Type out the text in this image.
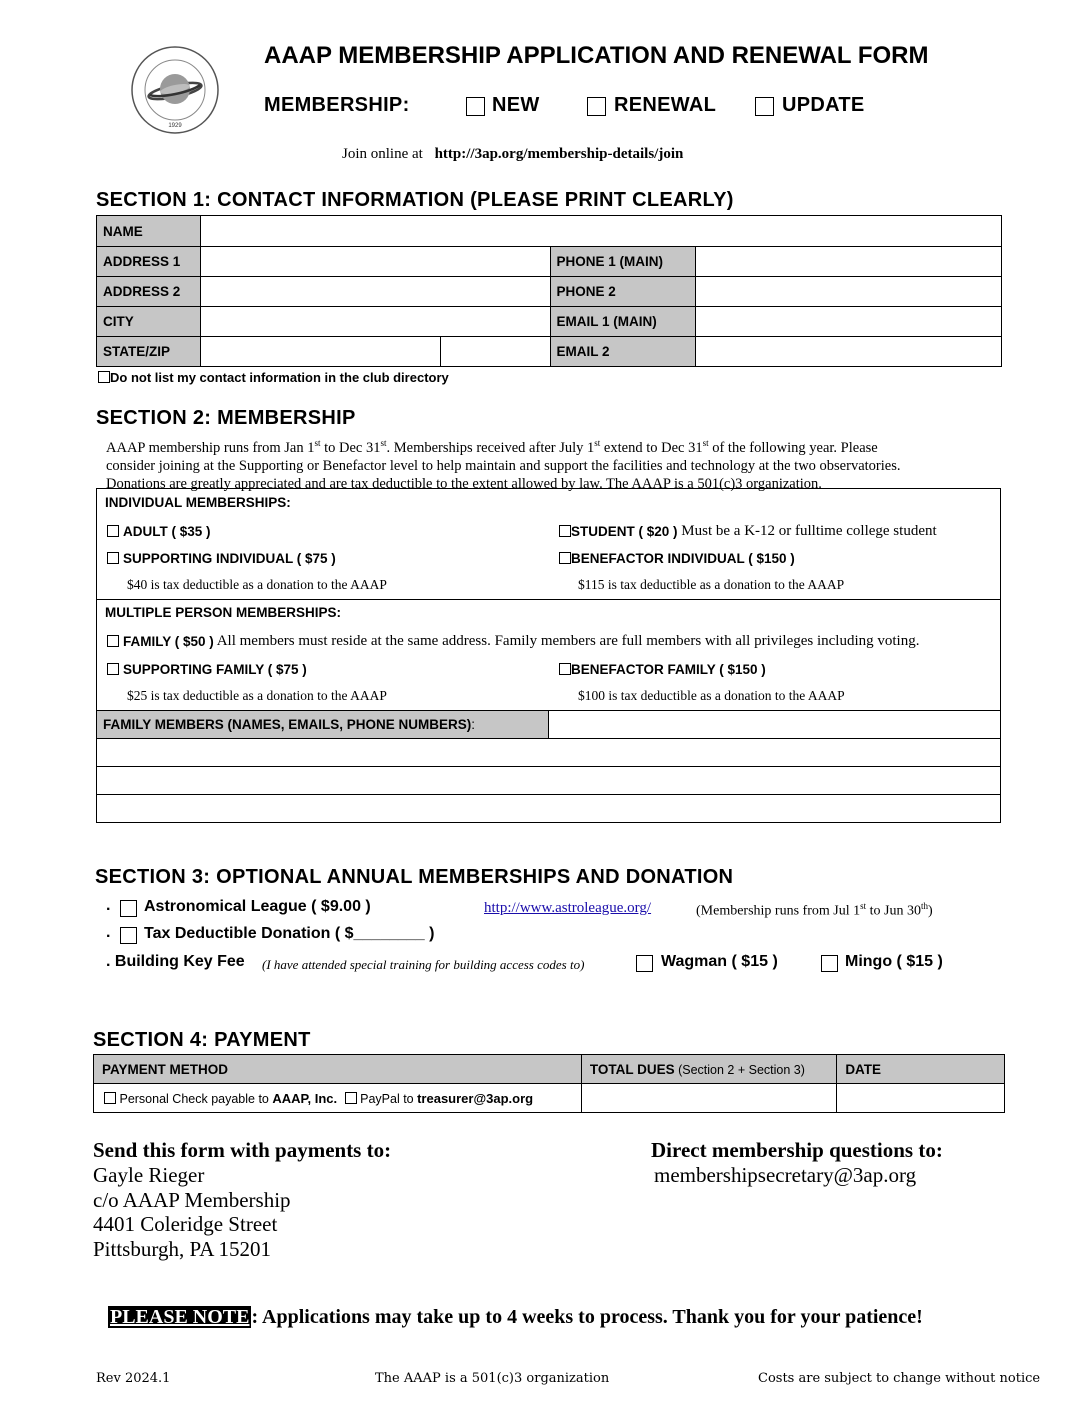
1929
AAAP MEMBERSHIP APPLICATION AND RENEWAL FORM
MEMBERSHIP:	NEW	RENEWAL	UPDATE
Join online at http://3ap.org/membership-details/join
SECTION 1: CONTACT INFORMATION (PLEASE PRINT CLEARLY)
NAME				
ADDRESS 1			PHONE 1 (MAIN)	
ADDRESS 2			PHONE 2	
CITY			EMAIL 1 (MAIN)	
STATE/ZIP			EMAIL 2	
Do not list my contact information in the club directory
SECTION 2: MEMBERSHIP
AAAP membership runs from Jan 1st to Dec 31st. Memberships received after July 1st extend to Dec 31st of the following year. Please
consider joining at the Supporting or Benefactor level to help maintain and support the facilities and technology at the two observatories.
Donations are greatly appreciated and are tax deductible to the extent allowed by law. The AAAP is a 501(c)3 organization.
INDIVIDUAL MEMBERSHIPS:
ADULT ( $35 )	STUDENT ( $20 ) Must be a K-12 or fulltime college student
SUPPORTING INDIVIDUAL ( $75 )	BENEFACTOR INDIVIDUAL ( $150 )
$40 is tax deductible as a donation to the AAAP	$115 is tax deductible as a donation to the AAAP
MULTIPLE PERSON MEMBERSHIPS:
FAMILY ( $50 ) All members must reside at the same address. Family members are full members with all privileges including voting.
SUPPORTING FAMILY ( $75 )	BENEFACTOR FAMILY ( $150 )
$25 is tax deductible as a donation to the AAAP	$100 is tax deductible as a donation to the AAAP
FAMILY MEMBERS (NAMES, EMAILS, PHONE NUMBERS):	

SECTION 3: OPTIONAL ANNUAL MEMBERSHIPS AND DONATION
. Astronomical League ( $9.00 )	http://www.astroleague.org/	(Membership runs from Jul 1st to Jun 30th)
. Tax Deductible Donation ( $________ )
. Building Key Fee (I have attended special training for building access codes to)	Wagman ( $15 )	Mingo ( $15 )
SECTION 4: PAYMENT
PAYMENT METHOD	TOTAL DUES (Section 2 + Section 3)	DATE
Personal Check payable to AAAP, Inc. PayPal to treasurer@3ap.org		
Send this form with payments to:
Gayle Rieger
c/o AAAP Membership
4401 Coleridge Street
Pittsburgh, PA 15201
Direct membership questions to:
membershipsecretary@3ap.org
PLEASE NOTE : Applications may take up to 4 weeks to process. Thank you for your patience!
Rev 2024.1	The AAAP is a 501(c)3 organization	Costs are subject to change without notice
